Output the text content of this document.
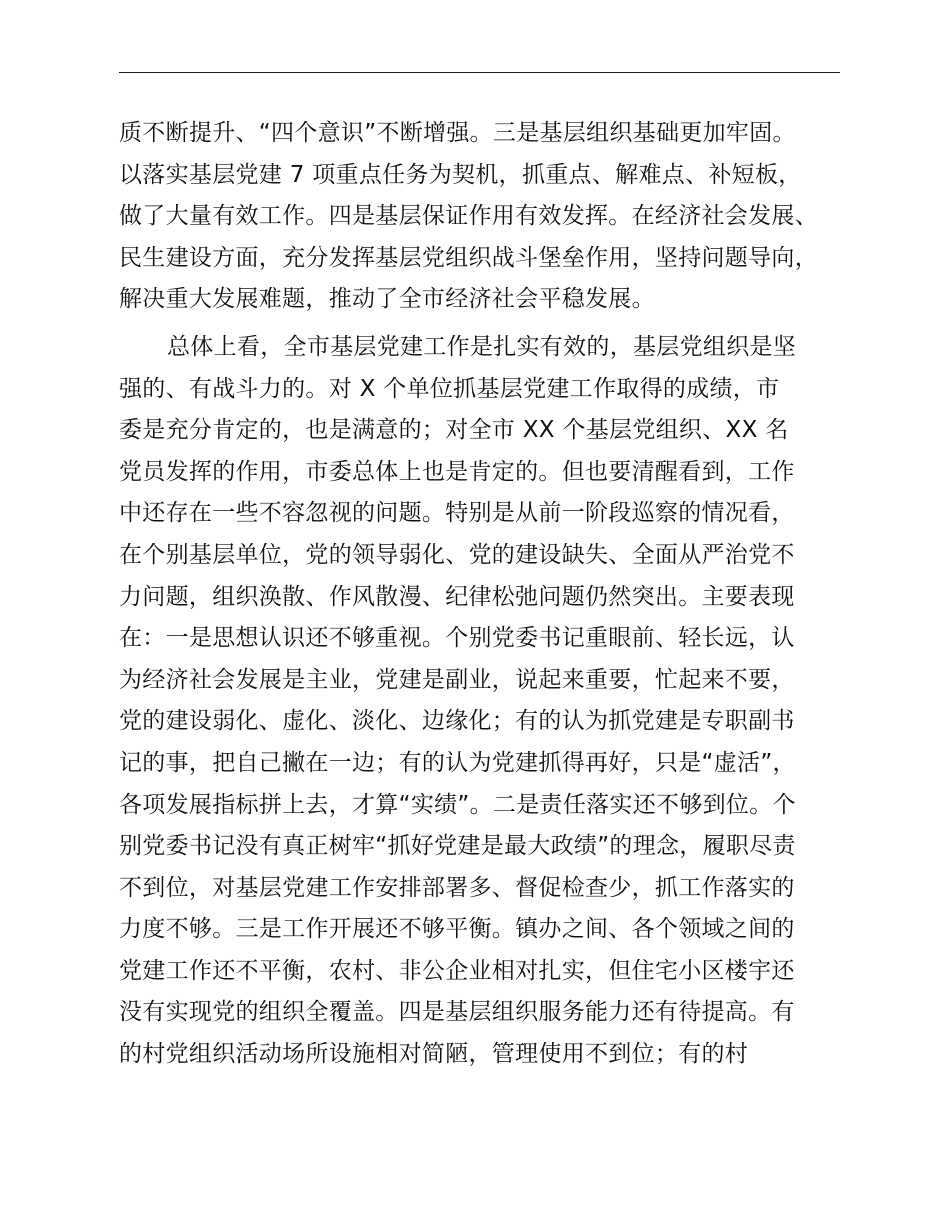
质不断提升、“四个意识”不断增强。三是基层组织基础更加牢固。
以落实基层党建 7 项重点任务为契机，抓重点、解难点、补短板，
做了大量有效工作。四是基层保证作用有效发挥。在经济社会发展、
民生建设方面，充分发挥基层党组织战斗堡垒作用，坚持问题导向，
解决重大发展难题，推动了全市经济社会平稳发展。
总体上看，全市基层党建工作是扎实有效的，基层党组织是坚
强的、有战斗力的。对 X 个单位抓基层党建工作取得的成绩，市
委是充分肯定的，也是满意的；对全市 XX 个基层党组织、XX 名
党员发挥的作用，市委总体上也是肯定的。但也要清醒看到，工作
中还存在一些不容忽视的问题。特别是从前一阶段巡察的情况看，
在个别基层单位，党的领导弱化、党的建设缺失、全面从严治党不
力问题，组织涣散、作风散漫、纪律松弛问题仍然突出。主要表现
在：一是思想认识还不够重视。个别党委书记重眼前、轻长远，认
为经济社会发展是主业，党建是副业，说起来重要，忙起来不要，
党的建设弱化、虚化、淡化、边缘化；有的认为抓党建是专职副书
记的事，把自己撇在一边；有的认为党建抓得再好，只是“虚活”，
各项发展指标拼上去，才算“实绩”。二是责任落实还不够到位。个
别党委书记没有真正树牢“抓好党建是最大政绩”的理念，履职尽责
不到位，对基层党建工作安排部署多、督促检查少，抓工作落实的
力度不够。三是工作开展还不够平衡。镇办之间、各个领域之间的
党建工作还不平衡，农村、非公企业相对扎实，但住宅小区楼宇还
没有实现党的组织全覆盖。四是基层组织服务能力还有待提高。有
的村党组织活动场所设施相对简陋，管理使用不到位；有的村
